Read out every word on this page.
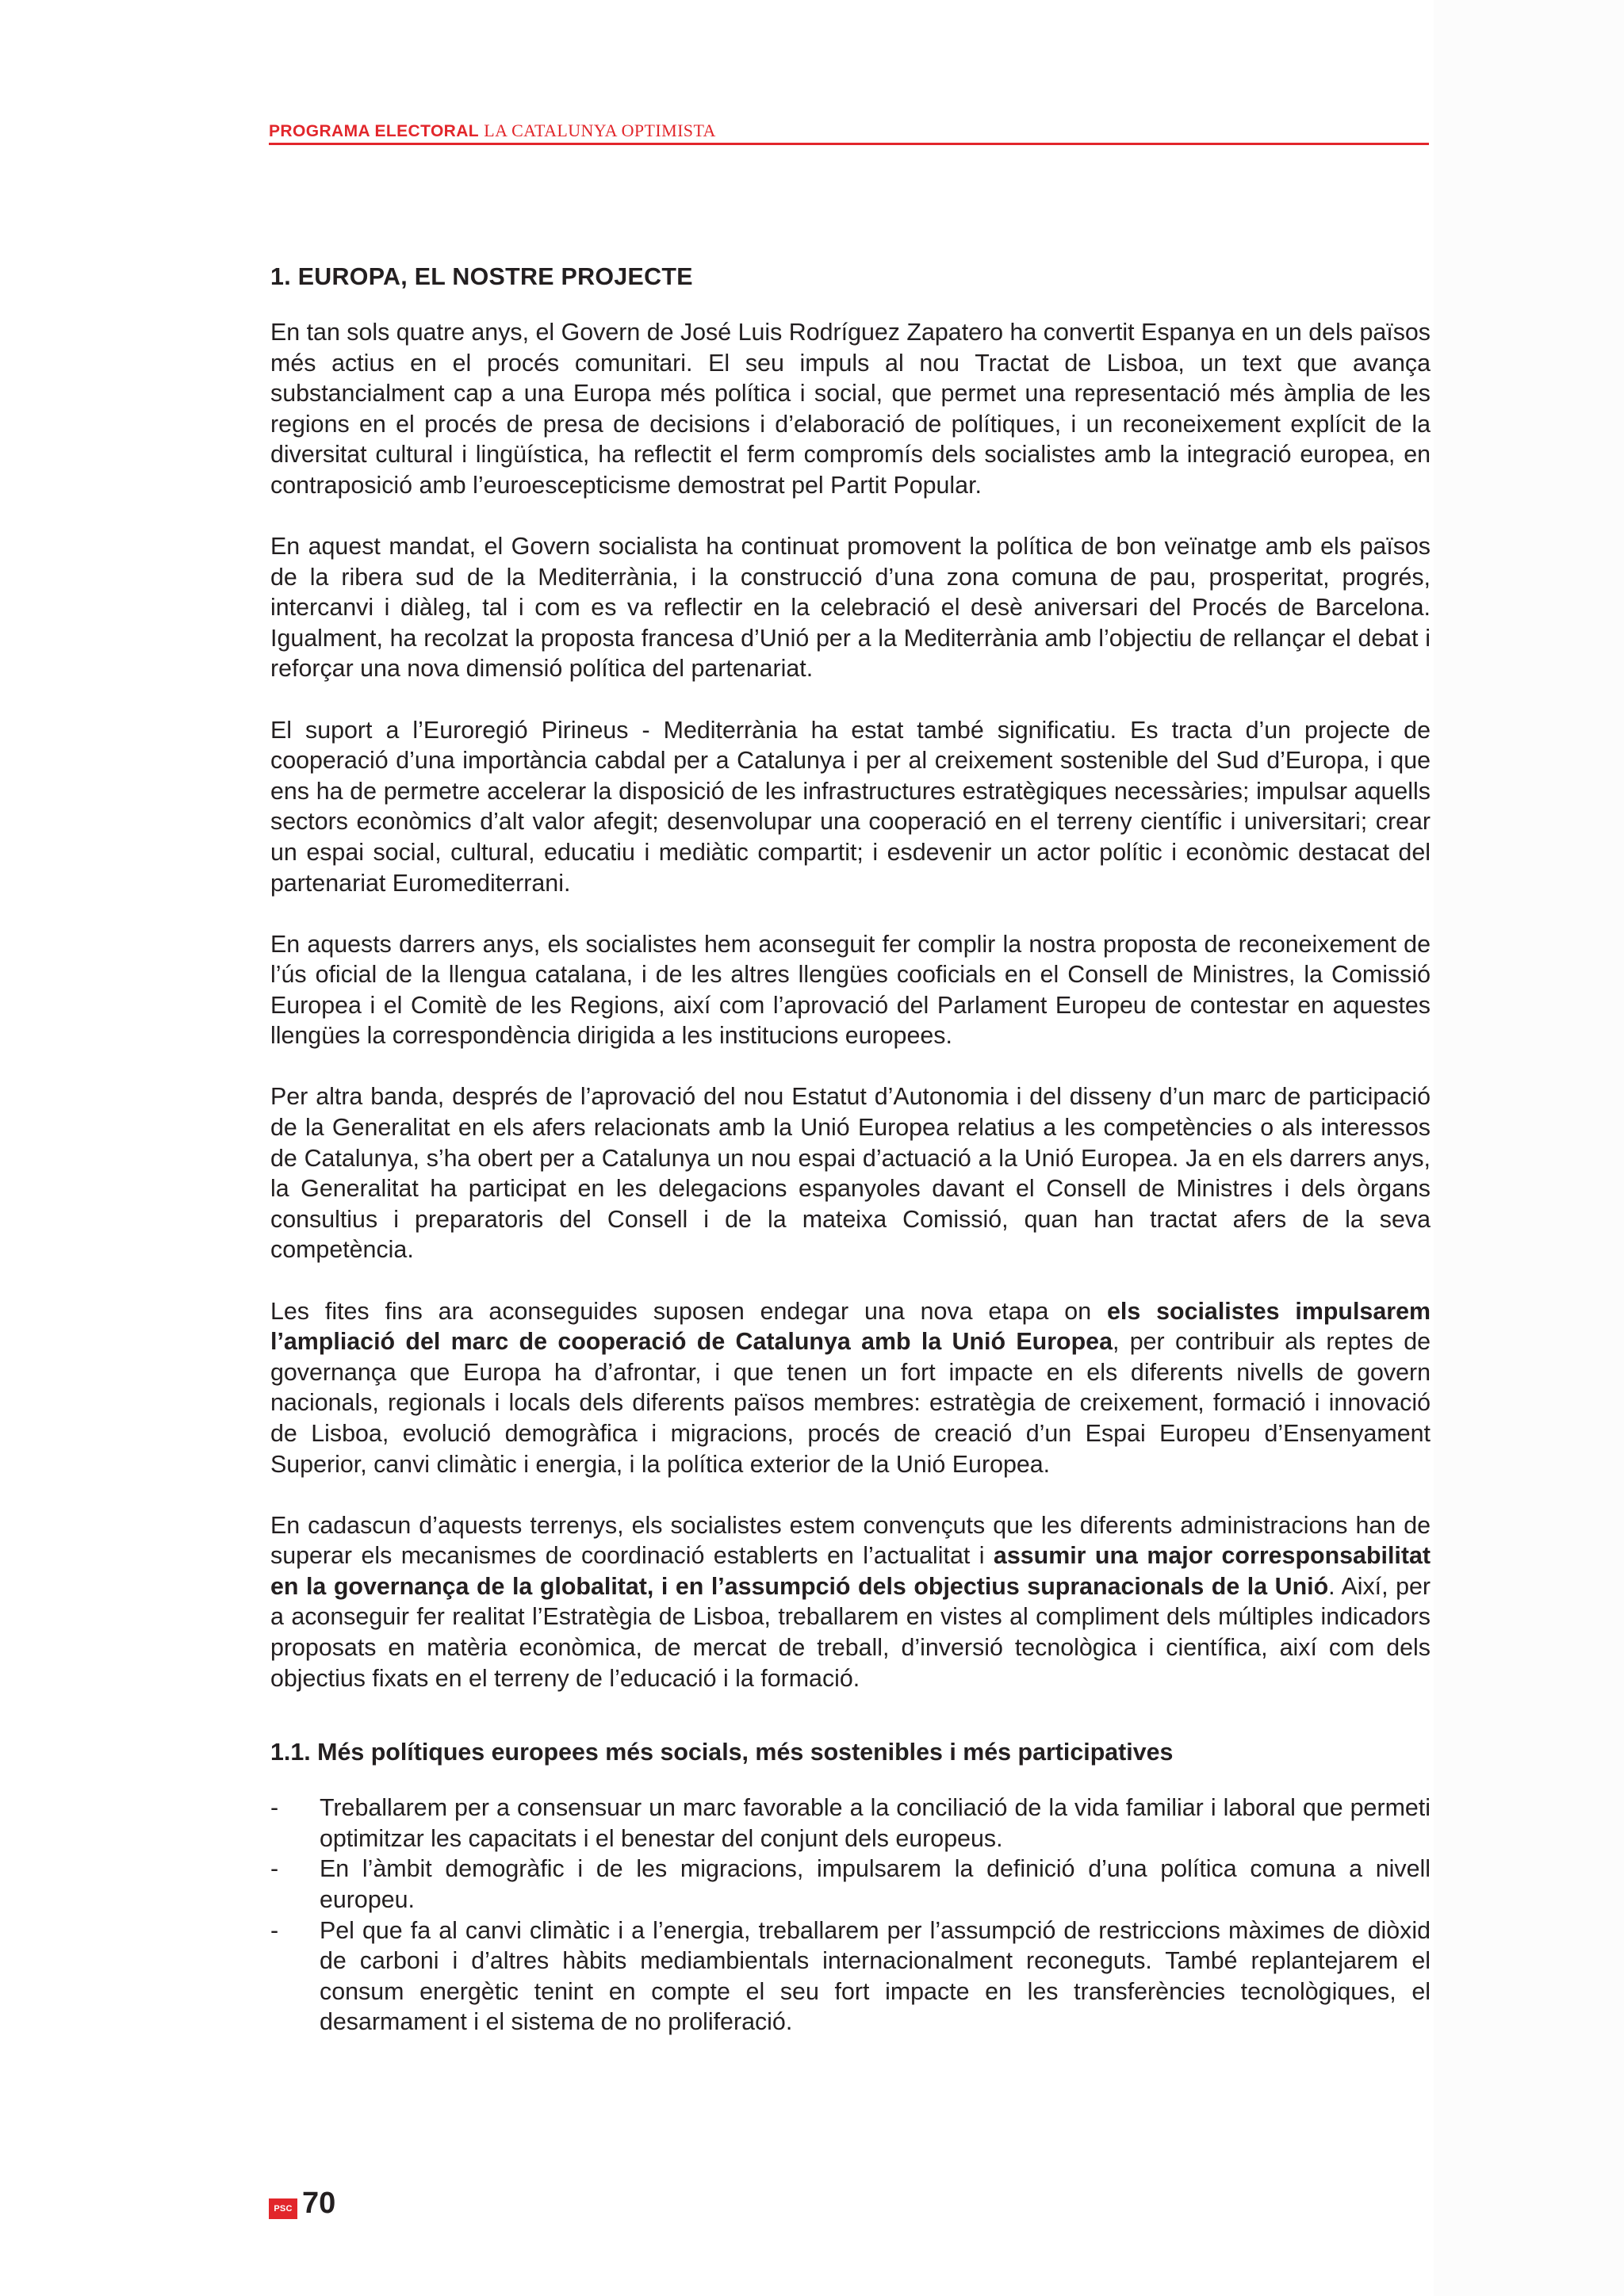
PROGRAMA ELECTORAL LA CATALUNYA OPTIMISTA
1. EUROPA, EL NOSTRE PROJECTE

En tan sols quatre anys, el Govern de José Luis Rodríguez Zapatero ha convertit Espanya en un dels països més actius en el procés comunitari. El seu impuls al nou Tractat de Lisboa, un text que avança substancialment cap a una Europa més política i social, que permet una representació més àmplia de les regions en el procés de presa de decisions i d’elaboració de polítiques, i un reconeixement explícit de la diversitat cultural i lingüística, ha reflectit el ferm compromís dels socialistes amb la integració europea, en contraposició amb l’euroescepticisme demostrat pel Partit Popular.

En aquest mandat, el Govern socialista ha continuat promovent la política de bon veïnatge amb els països de la ribera sud de la Mediterrània, i la construcció d’una zona comuna de pau, prosperitat, progrés, intercanvi i diàleg, tal i com es va reflectir en la celebració el desè aniversari del Procés de Barcelona. Igualment, ha recolzat la proposta francesa d’Unió per a la Mediterrània amb l’objectiu de rellançar el debat i reforçar una nova dimensió política del partenariat.

El suport a l’Euroregió Pirineus - Mediterrània ha estat també significatiu. Es tracta d’un projecte de cooperació d’una importància cabdal per a Catalunya i per al creixement sostenible del Sud d’Europa, i que ens ha de permetre accelerar la disposició de les infrastructures estratègiques necessàries; impulsar aquells sectors econòmics d’alt valor afegit; desenvolupar una cooperació en el terreny científic i universitari; crear un espai social, cultural, educatiu i mediàtic compartit; i esdevenir un actor polític i econòmic destacat del partenariat Euromediterrani.

En aquests darrers anys, els socialistes hem aconseguit fer complir la nostra proposta de reconeixement de l’ús oficial de la llengua catalana, i de les altres llengües cooficials en el Consell de Ministres, la Comissió Europea i el Comitè de les Regions, així com l’aprovació del Parlament Europeu de contestar en aquestes llengües la correspondència dirigida a les institucions europees.

Per altra banda, després de l’aprovació del nou Estatut d’Autonomia i del disseny d’un marc de participació de la Generalitat en els afers relacionats amb la Unió Europea relatius a les competències o als interessos de Catalunya, s’ha obert per a Catalunya un nou espai d’actuació a la Unió Europea. Ja en els darrers anys, la Generalitat ha participat en les delegacions espanyoles davant el Consell de Ministres i dels òrgans consultius i preparatoris del Consell i de la mateixa Comissió, quan han tractat afers de la seva competència.

Les fites fins ara aconseguides suposen endegar una nova etapa on els socialistes impulsarem l’ampliació del marc de cooperació de Catalunya amb la Unió Europea, per contribuir als reptes de governança que Europa ha d’afrontar, i que tenen un fort impacte en els diferents nivells de govern nacionals, regionals i locals dels diferents països membres: estratègia de creixement, formació i innovació de Lisboa, evolució demogràfica i migracions, procés de creació d’un Espai Europeu d’Ensenyament Superior, canvi climàtic i energia, i la política exterior de la Unió Europea.

En cadascun d’aquests terrenys, els socialistes estem convençuts que les diferents administracions han de superar els mecanismes de coordinació establerts en l’actualitat i assumir una major corresponsabilitat en la governança de la globalitat, i en l’assumpció dels objectius supranacionals de la Unió. Així, per a aconseguir fer realitat l’Estratègia de Lisboa, treballarem en vistes al compliment dels múltiples indicadors proposats en matèria econòmica, de mercat de treball, d’inversió tecnològica i científica, així com dels objectius fixats en el terreny de l’educació i la formació.

1.1. Més polítiques europees més socials, més sostenibles i més participatives
- Treballarem per a consensuar un marc favorable a la conciliació de la vida familiar i laboral que permeti optimitzar les capacitats i el benestar del conjunt dels europeus.
- En l’àmbit demogràfic i de les migracions, impulsarem la definició d’una política comuna a nivell europeu.
- Pel que fa al canvi climàtic i a l’energia, treballarem per l’assumpció de restriccions màximes de diòxid de carboni i d’altres hàbits mediambientals internacionalment reconeguts. També replantejarem el consum energètic tenint en compte el seu fort impacte en les transferències tecnològiques, el desarmament i el sistema de no proliferació.
PSC 70
